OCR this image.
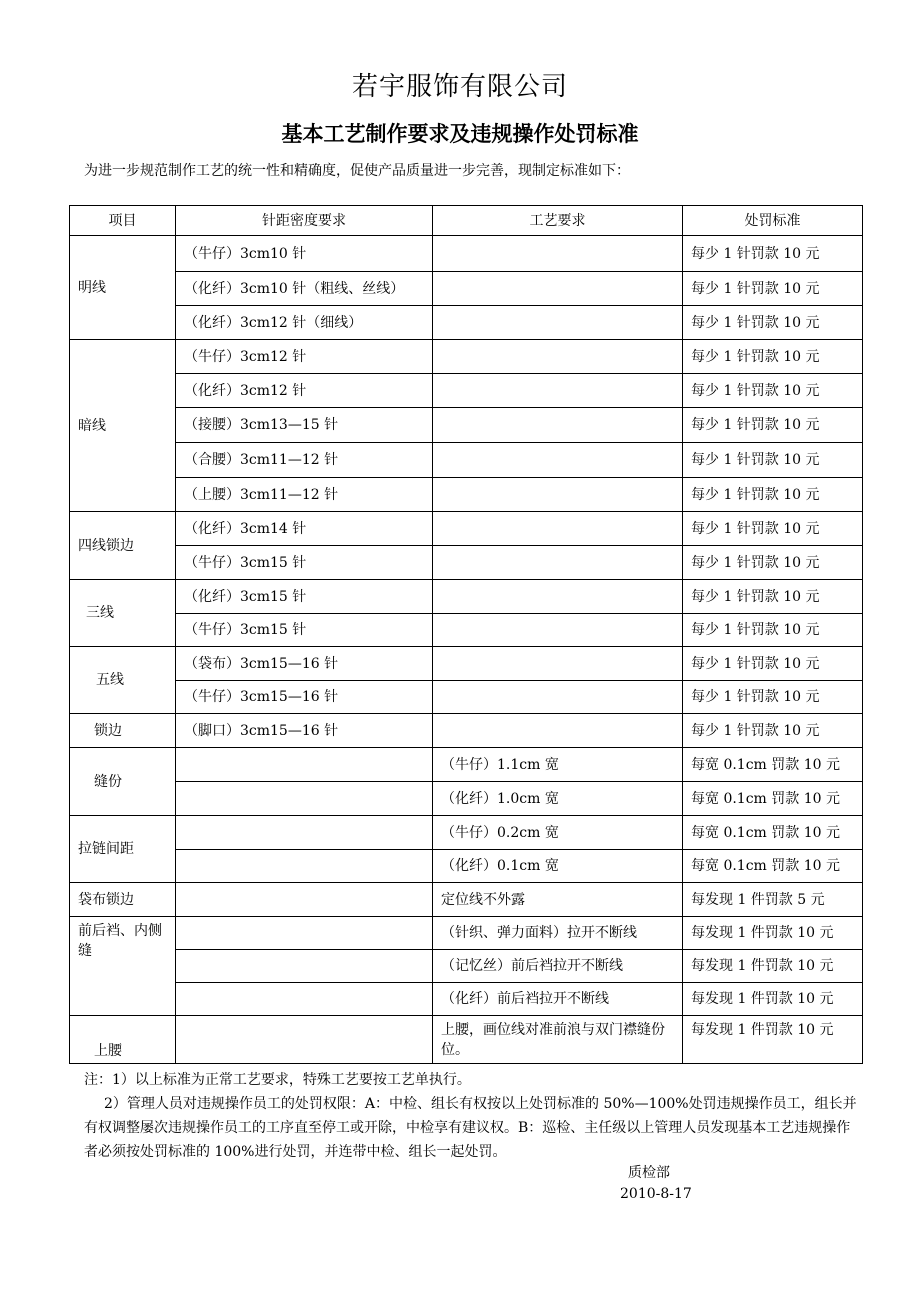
若宇服饰有限公司
基本工艺制作要求及违规操作处罚标准
为进一步规范制作工艺的统一性和精确度，促使产品质量进一步完善，现制定标准如下：
项目	针距密度要求	工艺要求	处罚标准
明线	（牛仔）3cm10 针		每少 1 针罚款 10 元
	（化纤）3cm10 针（粗线、丝线）		每少 1 针罚款 10 元
	（化纤）3cm12 针（细线）		每少 1 针罚款 10 元
暗线	（牛仔）3cm12 针		每少 1 针罚款 10 元
	（化纤）3cm12 针		每少 1 针罚款 10 元
	（接腰）3cm13—15 针		每少 1 针罚款 10 元
	（合腰）3cm11—12 针		每少 1 针罚款 10 元
	（上腰）3cm11—12 针		每少 1 针罚款 10 元
四线锁边	（化纤）3cm14 针		每少 1 针罚款 10 元
	（牛仔）3cm15 针		每少 1 针罚款 10 元
三线	（化纤）3cm15 针		每少 1 针罚款 10 元
	（牛仔）3cm15 针		每少 1 针罚款 10 元
五线	（袋布）3cm15—16 针		每少 1 针罚款 10 元
	（牛仔）3cm15—16 针		每少 1 针罚款 10 元
锁边	（脚口）3cm15—16 针		每少 1 针罚款 10 元
缝份		（牛仔）1.1cm 宽	每宽 0.1cm 罚款 10 元
		（化纤）1.0cm 宽	每宽 0.1cm 罚款 10 元
拉链间距		（牛仔）0.2cm 宽	每宽 0.1cm 罚款 10 元
		（化纤）0.1cm 宽	每宽 0.1cm 罚款 10 元
袋布锁边		定位线不外露	每发现 1 件罚款 5 元
前后裆、内侧缝		（针织、弹力面料）拉开不断线	每发现 1 件罚款 10 元
		（记忆丝）前后裆拉开不断线	每发现 1 件罚款 10 元
		（化纤）前后裆拉开不断线	每发现 1 件罚款 10 元
上腰		上腰，画位线对准前浪与双门襟缝份位。	每发现 1 件罚款 10 元

注：1）以上标准为正常工艺要求，特殊工艺要按工艺单执行。

2）管理人员对违规操作员工的处罚权限：A：中检、组长有权按以上处罚标准的 50%—100%处罚违规操作员工，组长并有权调整屡次违规操作员工的工序直至停工或开除，中检享有建议权。B：巡检、主任级以上管理人员发现基本工艺违规操作者必须按处罚标准的 100%进行处罚，并连带中检、组长一起处罚。

质检部
2010-8-17
